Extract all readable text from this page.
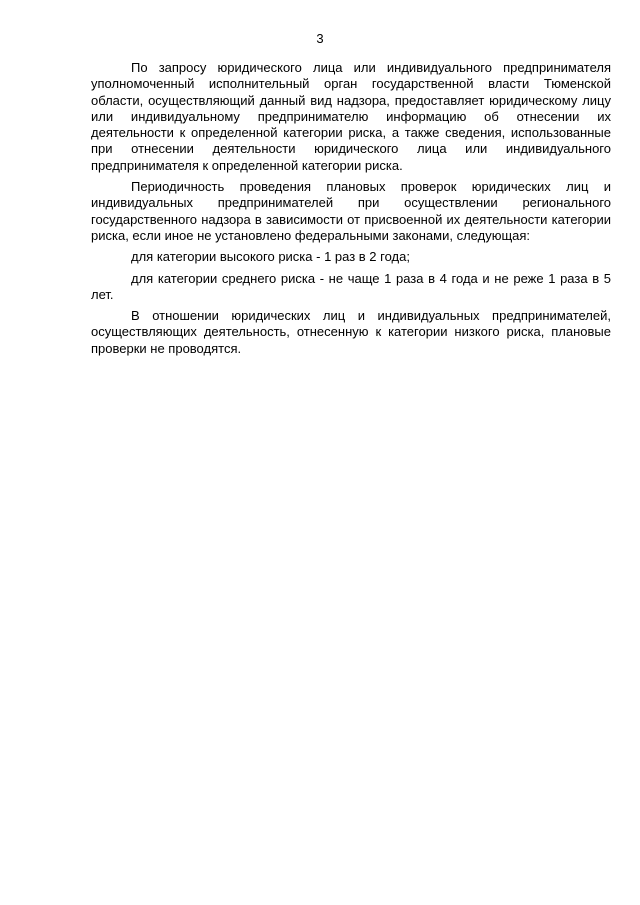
3

По запросу юридического лица или индивидуального предпринимателя уполномоченный исполнительный орган государственной власти Тюменской области, осуществляющий данный вид надзора, предоставляет юридическому лицу или индивидуальному предпринимателю информацию об отнесении их деятельности к определенной категории риска, а также сведения, использованные при отнесении деятельности юридического лица или индивидуального предпринимателя к определенной категории риска.

Периодичность проведения плановых проверок юридических лиц и индивидуальных предпринимателей при осуществлении регионального государственного надзора в зависимости от присвоенной их деятельности категории риска, если иное не установлено федеральными законами, следующая:

для категории высокого риска - 1 раз в 2 года;

для категории среднего риска - не чаще 1 раза в 4 года и не реже 1 раза в 5 лет.

В отношении юридических лиц и индивидуальных предпринимателей, осуществляющих деятельность, отнесенную к категории низкого риска, плановые проверки не проводятся.
